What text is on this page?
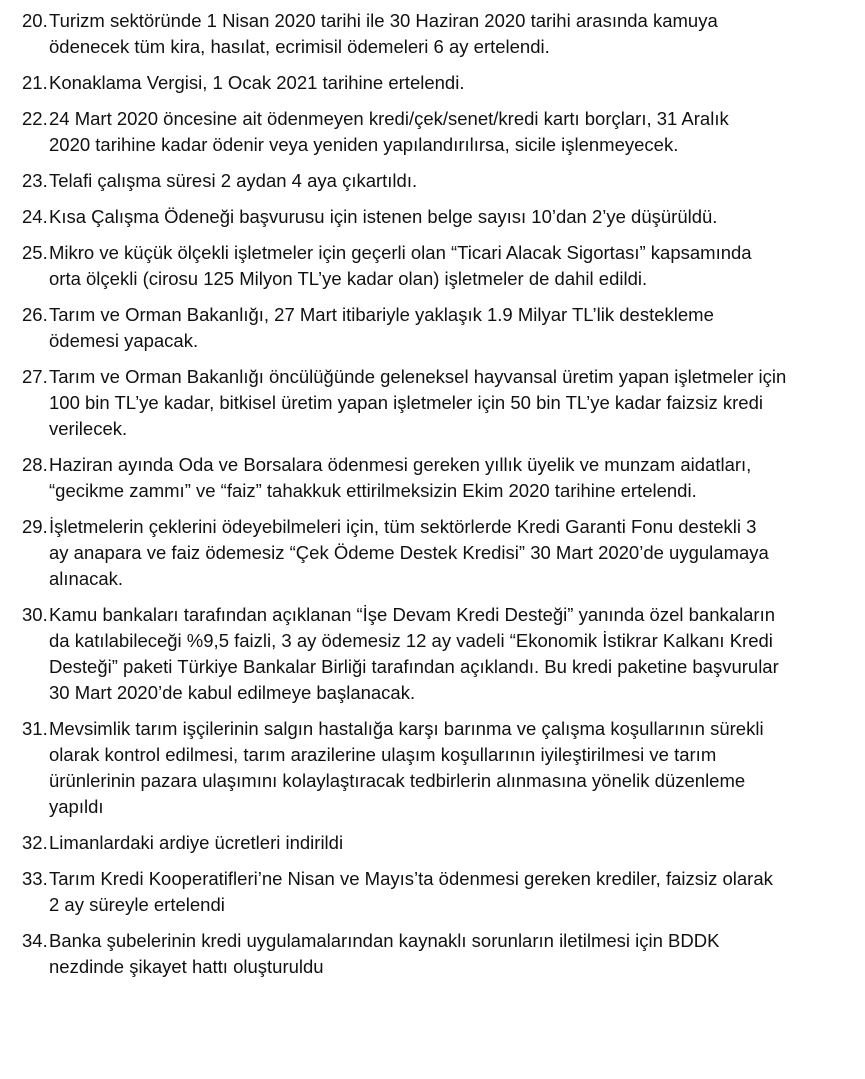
20. Turizm sektöründe 1 Nisan 2020 tarihi ile 30 Haziran 2020 tarihi arasında kamuya
ödenecek tüm kira, hasılat, ecrimisil ödemeleri 6 ay ertelendi.
21. Konaklama Vergisi, 1 Ocak 2021 tarihine ertelendi.
22. 24 Mart 2020 öncesine ait ödenmeyen kredi/çek/senet/kredi kartı borçları, 31 Aralık
2020 tarihine kadar ödenir veya yeniden yapılandırılırsa, sicile işlenmeyecek.
23. Telafi çalışma süresi 2 aydan 4 aya çıkartıldı.
24. Kısa Çalışma Ödeneği başvurusu için istenen belge sayısı 10’dan 2’ye düşürüldü.
25. Mikro ve küçük ölçekli işletmeler için geçerli olan “Ticari Alacak Sigortası” kapsamında
orta ölçekli (cirosu 125 Milyon TL’ye kadar olan) işletmeler de dahil edildi.
26. Tarım ve Orman Bakanlığı, 27 Mart itibariyle yaklaşık 1.9 Milyar TL’lik destekleme
ödemesi yapacak.
27. Tarım ve Orman Bakanlığı öncülüğünde geleneksel hayvansal üretim yapan işletmeler için
100 bin TL’ye kadar, bitkisel üretim yapan işletmeler için 50 bin TL’ye kadar faizsiz kredi
verilecek.
28. Haziran ayında Oda ve Borsalara ödenmesi gereken yıllık üyelik ve munzam aidatları,
“gecikme zammı” ve “faiz” tahakkuk ettirilmeksizin Ekim 2020 tarihine ertelendi.
29. İşletmelerin çeklerini ödeyebilmeleri için, tüm sektörlerde Kredi Garanti Fonu destekli 3
ay anapara ve faiz ödemesiz “Çek Ödeme Destek Kredisi” 30 Mart 2020’de uygulamaya
alınacak.
30. Kamu bankaları tarafından açıklanan “İşe Devam Kredi Desteği” yanında özel bankaların
da katılabileceği %9,5 faizli, 3 ay ödemesiz 12 ay vadeli “Ekonomik İstikrar Kalkanı Kredi
Desteği” paketi Türkiye Bankalar Birliği tarafından açıklandı. Bu kredi paketine başvurular
30 Mart 2020’de kabul edilmeye başlanacak.
31. Mevsimlik tarım işçilerinin salgın hastalığa karşı barınma ve çalışma koşullarının sürekli
olarak kontrol edilmesi, tarım arazilerine ulaşım koşullarının iyileştirilmesi ve tarım
ürünlerinin pazara ulaşımını kolaylaştıracak tedbirlerin alınmasına yönelik düzenleme
yapıldı
32. Limanlardaki ardiye ücretleri indirildi
33. Tarım Kredi Kooperatifleri’ne Nisan ve Mayıs’ta ödenmesi gereken krediler, faizsiz olarak
2 ay süreyle ertelendi
34. Banka şubelerinin kredi uygulamalarından kaynaklı sorunların iletilmesi için BDDK
nezdinde şikayet hattı oluşturuldu
